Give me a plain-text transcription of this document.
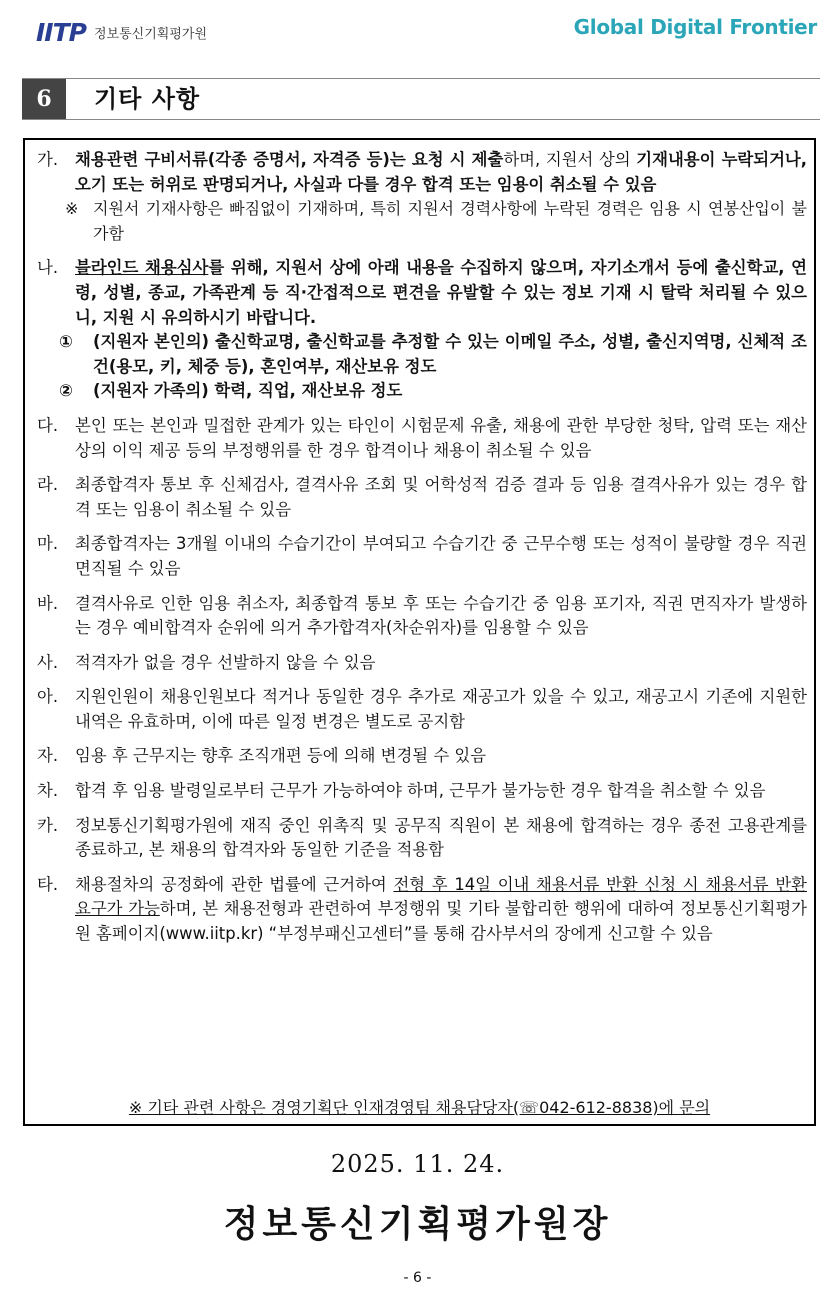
IITP 정보통신기획평가원	Global Digital Frontier
6	기타 사항
가.	채용관련 구비서류(각종 증명서, 자격증 등)는 요청 시 제출하며, 지원서 상의 기재내용이 누락되거나, 오기 또는 허위로 판명되거나, 사실과 다를 경우 합격 또는 임용이 취소될 수 있음
※ 지원서 기재사항은 빠짐없이 기재하며, 특히 지원서 경력사항에 누락된 경력은 임용 시 연봉산입이 불가함
나.	블라인드 채용심사를 위해, 지원서 상에 아래 내용을 수집하지 않으며, 자기소개서 등에 출신학교, 연령, 성별, 종교, 가족관계 등 직·간접적으로 편견을 유발할 수 있는 정보 기재 시 탈락 처리될 수 있으니, 지원 시 유의하시기 바랍니다.
①	(지원자 본인의) 출신학교명, 출신학교를 추정할 수 있는 이메일 주소, 성별, 출신지역명, 신체적 조건(용모, 키, 체중 등), 혼인여부, 재산보유 정도
②	(지원자 가족의) 학력, 직업, 재산보유 정도
다.	본인 또는 본인과 밀접한 관계가 있는 타인이 시험문제 유출, 채용에 관한 부당한 청탁, 압력 또는 재산상의 이익 제공 등의 부정행위를 한 경우 합격이나 채용이 취소될 수 있음
라.	최종합격자 통보 후 신체검사, 결격사유 조회 및 어학성적 검증 결과 등 임용 결격사유가 있는 경우 합격 또는 임용이 취소될 수 있음
마.	최종합격자는 3개월 이내의 수습기간이 부여되고 수습기간 중 근무수행 또는 성적이 불량할 경우 직권 면직될 수 있음
바.	결격사유로 인한 임용 취소자, 최종합격 통보 후 또는 수습기간 중 임용 포기자, 직권 면직자가 발생하는 경우 예비합격자 순위에 의거 추가합격자(차순위자)를 임용할 수 있음
사.	적격자가 없을 경우 선발하지 않을 수 있음
아.	지원인원이 채용인원보다 적거나 동일한 경우 추가로 재공고가 있을 수 있고, 재공고시 기존에 지원한 내역은 유효하며, 이에 따른 일정 변경은 별도로 공지함
자.	임용 후 근무지는 향후 조직개편 등에 의해 변경될 수 있음
차.	합격 후 임용 발령일로부터 근무가 가능하여야 하며, 근무가 불가능한 경우 합격을 취소할 수 있음
카.	정보통신기획평가원에 재직 중인 위촉직 및 공무직 직원이 본 채용에 합격하는 경우 종전 고용관계를 종료하고, 본 채용의 합격자와 동일한 기준을 적용함
타.	채용절차의 공정화에 관한 법률에 근거하여 전형 후 14일 이내 채용서류 반환 신청 시 채용서류 반환 요구가 가능하며, 본 채용전형과 관련하여 부정행위 및 기타 불합리한 행위에 대하여 정보통신기획평가원 홈페이지(www.iitp.kr) “부정부패신고센터”를 통해 감사부서의 장에게 신고할 수 있음
※ 기타 관련 사항은 경영기획단 인재경영팀 채용담당자(☏042-612-8838)에 문의
2025. 11. 24.
정보통신기획평가원장
- 6 -
